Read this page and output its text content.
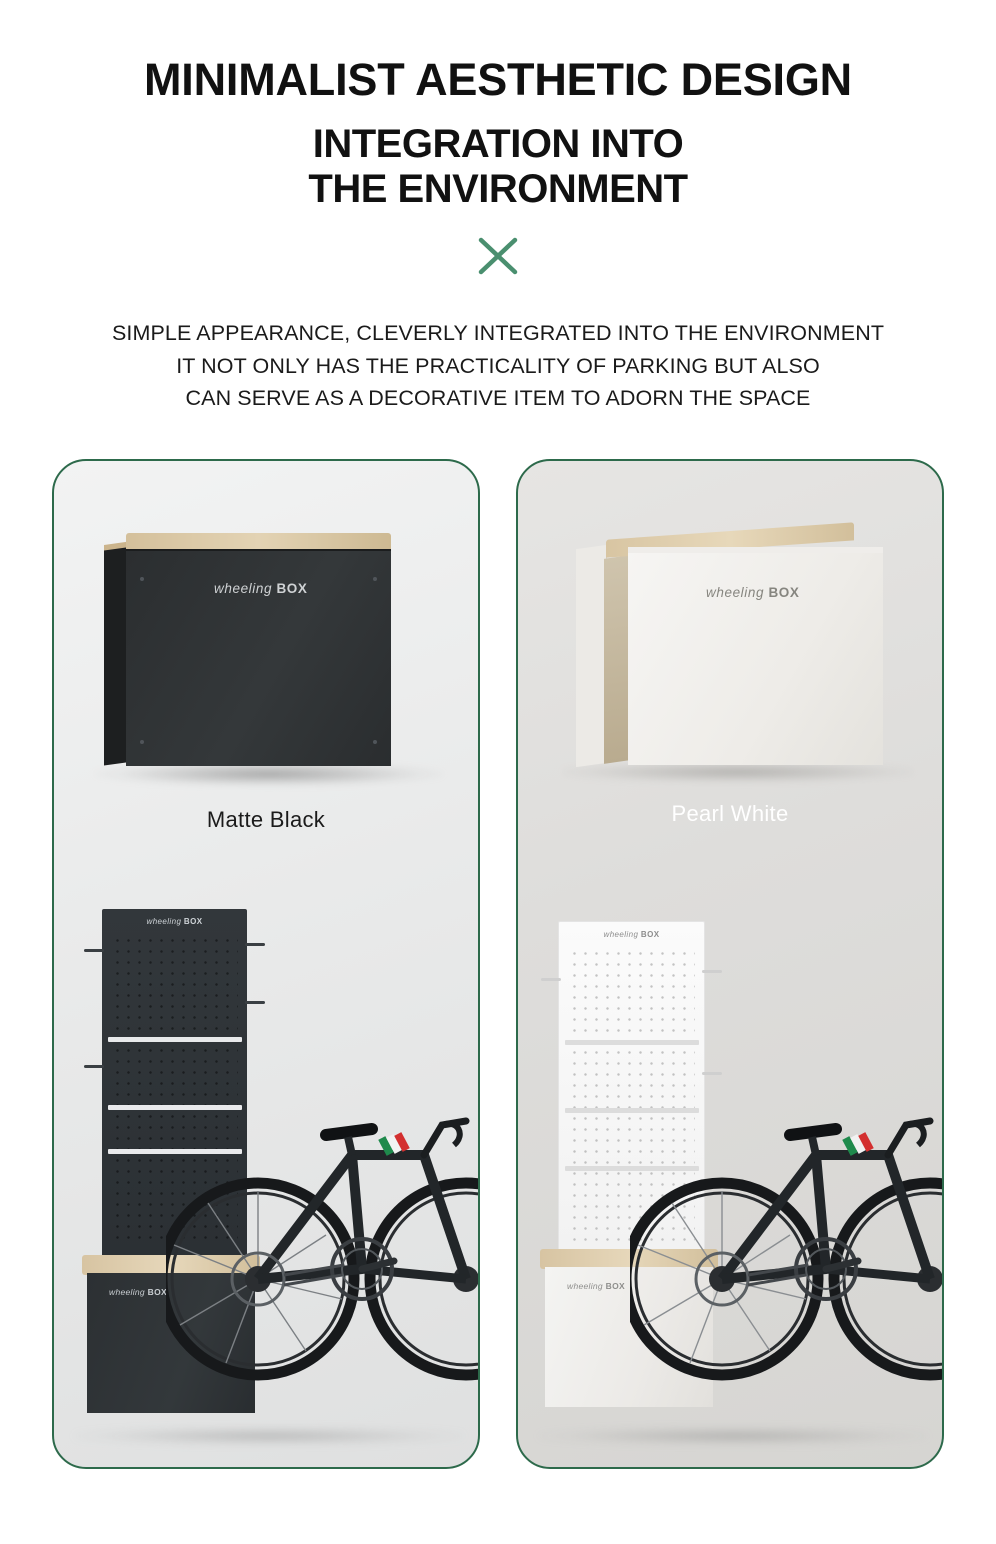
MINIMALIST AESTHETIC DESIGN
INTEGRATION INTO
THE ENVIRONMENT
SIMPLE APPEARANCE, CLEVERLY INTEGRATED INTO THE ENVIRONMENT
IT NOT ONLY HAS THE PRACTICALITY OF PARKING BUT ALSO
CAN SERVE AS A DECORATIVE ITEM TO ADORN THE SPACE
wheeling BOX
Matte Black
wheeling BOX
wheeling BOX
wheeling BOX
Pearl White
wheeling BOX
wheeling BOX
